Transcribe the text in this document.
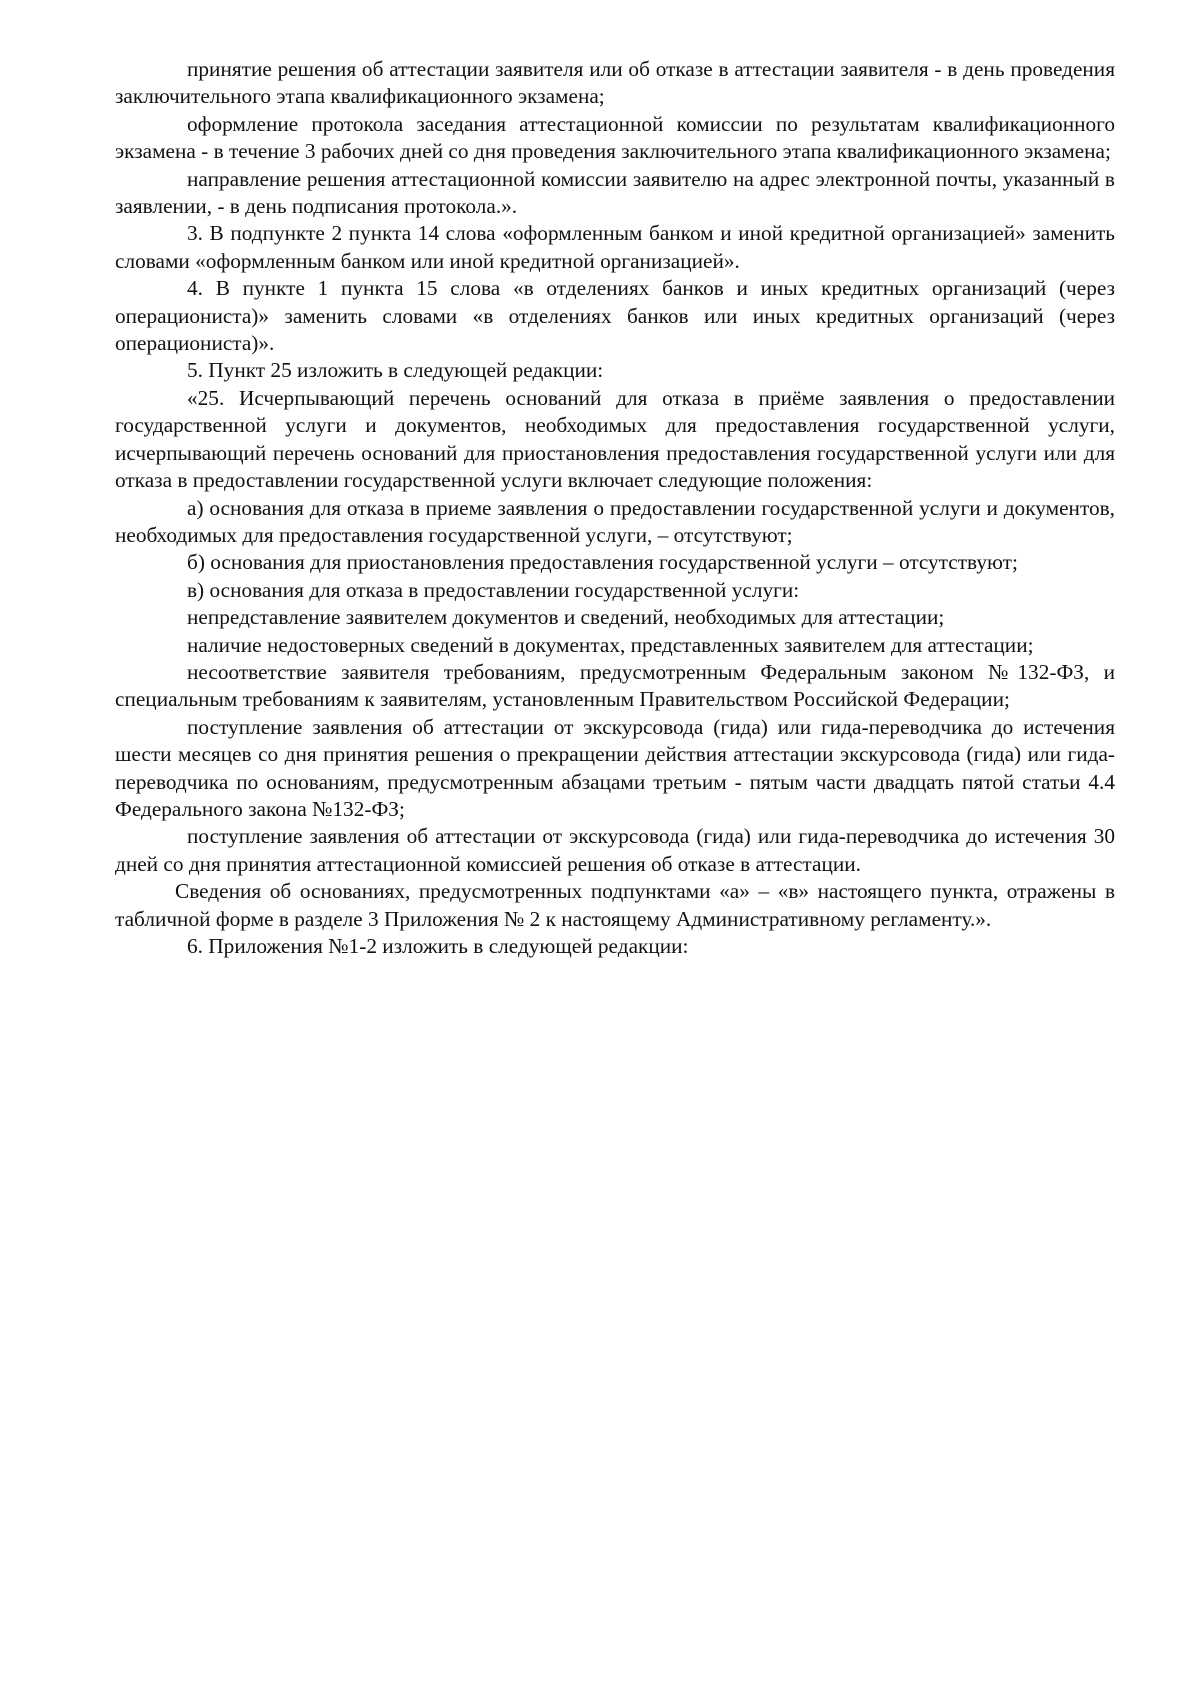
принятие решения об аттестации заявителя или об отказе в аттестации заявителя - в день проведения заключительного этапа квалификационного экзамена;

оформление протокола заседания аттестационной комиссии по результатам квалификационного экзамена - в течение 3 рабочих дней со дня проведения заключительного этапа квалификационного экзамена;

направление решения аттестационной комиссии заявителю на адрес электронной почты, указанный в заявлении, - в день подписания протокола.».

3. В подпункте 2 пункта 14 слова «оформленным банком и иной кредитной организацией» заменить словами «оформленным банком или иной кредитной организацией».

4. В пункте 1 пункта 15 слова «в отделениях банков и иных кредитных организаций (через операциониста)» заменить словами «в отделениях банков или иных кредитных организаций (через операциониста)».

5. Пункт 25 изложить в следующей редакции:

«25. Исчерпывающий перечень оснований для отказа в приёме заявления о предоставлении государственной услуги и документов, необходимых для предоставления государственной услуги, исчерпывающий перечень оснований для приостановления предоставления государственной услуги или для отказа в предоставлении государственной услуги включает следующие положения:

а) основания для отказа в приеме заявления о предоставлении государственной услуги и документов, необходимых для предоставления государственной услуги, – отсутствуют;

б) основания для приостановления предоставления государственной услуги – отсутствуют;

в) основания для отказа в предоставлении государственной услуги:

непредставление заявителем документов и сведений, необходимых для аттестации;

наличие недостоверных сведений в документах, представленных заявителем для аттестации;

несоответствие заявителя требованиям, предусмотренным Федеральным законом №132-ФЗ, и специальным требованиям к заявителям, установленным Правительством Российской Федерации;

поступление заявления об аттестации от экскурсовода (гида) или гида-переводчика до истечения шести месяцев со дня принятия решения о прекращении действия аттестации экскурсовода (гида) или гида-переводчика по основаниям, предусмотренным абзацами третьим - пятым части двадцать пятой статьи 4.4 Федерального закона №132-ФЗ;

поступление заявления об аттестации от экскурсовода (гида) или гида-переводчика до истечения 30 дней со дня принятия аттестационной комиссией решения об отказе в аттестации.

Сведения об основаниях, предусмотренных подпунктами «а» – «в» настоящего пункта, отражены в табличной форме в разделе 3 Приложения № 2 к настоящему Административному регламенту.».

6. Приложения №1-2 изложить в следующей редакции:
